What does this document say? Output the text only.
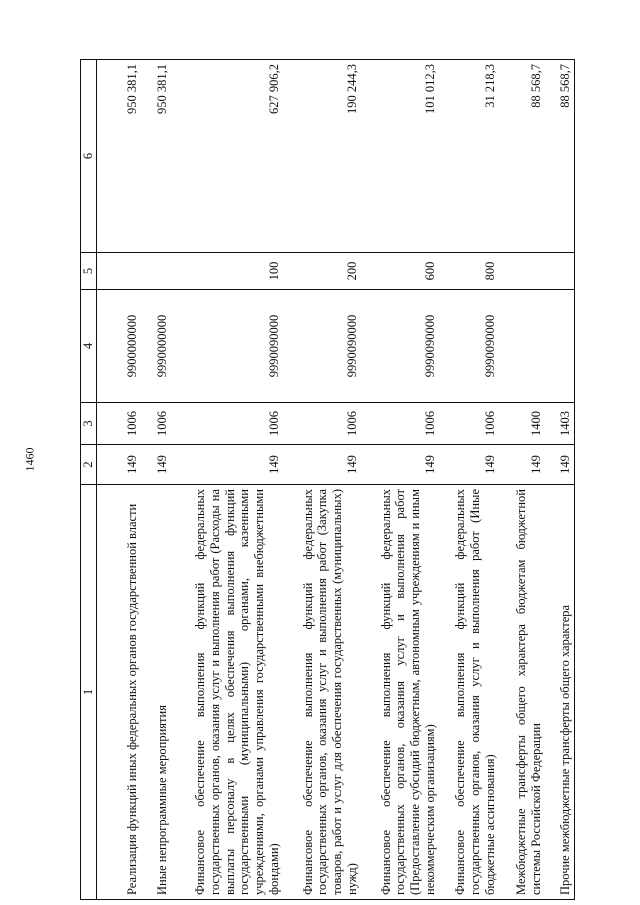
1460
1	2	3	4	5	6
Реализация функций иных федеральных органов государственной власти	149	1006	9900000000		950 381,1
Иные непрограммные мероприятия	149	1006	9990000000		950 381,1
Финансовое обеспечение выполнения функций федеральных государственных органов, оказания услуг и выполнения работ (Расходы на выплаты персоналу в целях обеспечения выполнения функций государственными (муниципальными) органами, казенными учреждениями, органами управления государственными внебюджетными фондами)	149	1006	9990090000	100	627 906,2
Финансовое обеспечение выполнения функций федеральных государственных органов, оказания услуг и выполнения работ (Закупка товаров, работ и услуг для обеспечения государственных (муниципальных) нужд)	149	1006	9990090000	200	190 244,3
Финансовое обеспечение выполнения функций федеральных государственных органов, оказания услуг и выполнения работ (Предоставление субсидий бюджетным, автономным учреждениям и иным некоммерческим организациям)	149	1006	9990090000	600	101 012,3
Финансовое обеспечение выполнения функций федеральных государственных органов, оказания услуг и выполнения работ (Иные бюджетные ассигнования)	149	1006	9990090000	800	31 218,3
Межбюджетные трансферты общего характера бюджетам бюджетной системы Российской Федерации	149	1400			88 568,7
Прочие межбюджетные трансферты общего характера	149	1403			88 568,7
